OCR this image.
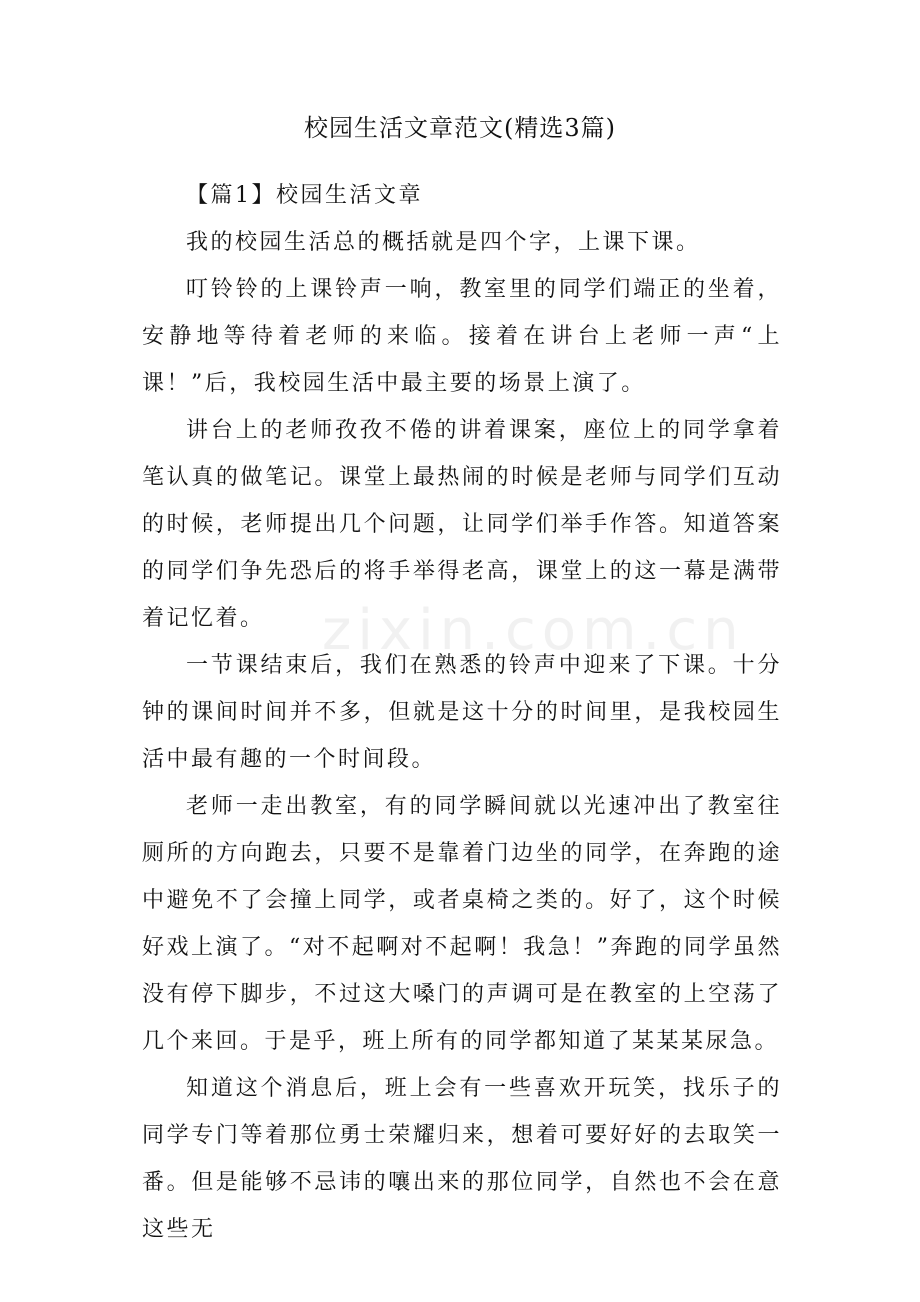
zixin.com.cn
校园生活文章范文(精选3篇)

【篇1】校园生活文章

我的校园生活总的概括就是四个字，上课下课。

叮铃铃的上课铃声一响，教室里的同学们端正的坐着，安静地等待着老师的来临。接着在讲台上老师一声“上课！”后，我校园生活中最主要的场景上演了。

讲台上的老师孜孜不倦的讲着课案，座位上的同学拿着笔认真的做笔记。课堂上最热闹的时候是老师与同学们互动的时候，老师提出几个问题，让同学们举手作答。知道答案的同学们争先恐后的将手举得老高，课堂上的这一幕是满带着记忆着。

一节课结束后，我们在熟悉的铃声中迎来了下课。十分钟的课间时间并不多，但就是这十分的时间里，是我校园生活中最有趣的一个时间段。

老师一走出教室，有的同学瞬间就以光速冲出了教室往厕所的方向跑去，只要不是靠着门边坐的同学，在奔跑的途中避免不了会撞上同学，或者桌椅之类的。好了，这个时候好戏上演了。“对不起啊对不起啊！我急！”奔跑的同学虽然没有停下脚步，不过这大嗓门的声调可是在教室的上空荡了几个来回。于是乎，班上所有的同学都知道了某某某尿急。

知道这个消息后，班上会有一些喜欢开玩笑，找乐子的同学专门等着那位勇士荣耀归来，想着可要好好的去取笑一番。但是能够不忌讳的嚷出来的那位同学，自然也不会在意这些无
